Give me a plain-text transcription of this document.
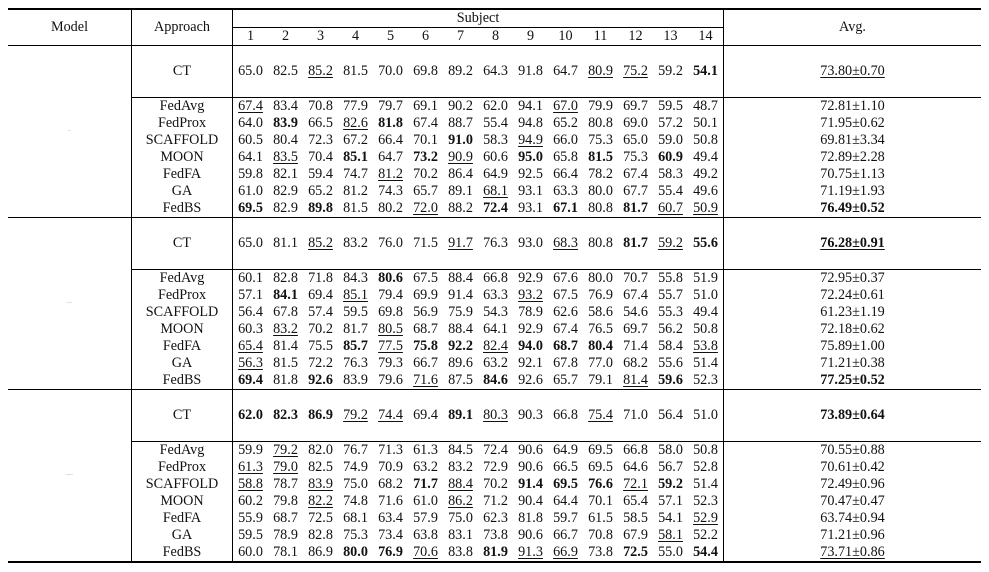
Model	Approach	Subject														Avg.
		1	2	3	4	5	6	7	8	9	10	11	12	13	14	
EEGNet																
	CT	65.0	82.5	85.2	81.5	70.0	69.8	89.2	64.3	91.8	64.7	80.9	75.2	59.2	54.1	73.80±0.70

	FedAvg	67.4	83.4	70.8	77.9	79.7	69.1	90.2	62.0	94.1	67.0	79.9	69.7	59.5	48.7	72.81±1.10
	FedProx	64.0	83.9	66.5	82.6	81.8	67.4	88.7	55.4	94.8	65.2	80.8	69.0	57.2	50.1	71.95±0.62
	SCAFFOLD	60.5	80.4	72.3	67.2	66.4	70.1	91.0	58.3	94.9	66.0	75.3	65.0	59.0	50.8	69.81±3.34
	MOON	64.1	83.5	70.4	85.1	64.7	73.2	90.9	60.6	95.0	65.8	81.5	75.3	60.9	49.4	72.89±2.28
	FedFA	59.8	82.1	59.4	74.7	81.2	70.2	86.4	64.9	92.5	66.4	78.2	67.4	58.3	49.2	70.75±1.13
	GA	61.0	82.9	65.2	81.2	74.3	65.7	89.1	68.1	93.1	63.3	80.0	67.7	55.4	49.6	71.19±1.93
	FedBS	69.5	82.9	89.8	81.5	80.2	72.0	88.2	72.4	93.1	67.1	80.8	81.7	60.7	50.9	76.49±0.52
DeepConvNet																
	CT	65.0	81.1	85.2	83.2	76.0	71.5	91.7	76.3	93.0	68.3	80.8	81.7	59.2	55.6	76.28±0.91

	FedAvg	60.1	82.8	71.8	84.3	80.6	67.5	88.4	66.8	92.9	67.6	80.0	70.7	55.8	51.9	72.95±0.37
	FedProx	57.1	84.1	69.4	85.1	79.4	69.9	91.4	63.3	93.2	67.5	76.9	67.4	55.7	51.0	72.24±0.61
	SCAFFOLD	56.4	67.8	57.4	59.5	69.8	56.9	75.9	54.3	78.9	62.6	58.6	54.6	55.3	49.4	61.23±1.19
	MOON	60.3	83.2	70.2	81.7	80.5	68.7	88.4	64.1	92.9	67.4	76.5	69.7	56.2	50.8	72.18±0.62
	FedFA	65.4	81.4	75.5	85.7	77.5	75.8	92.2	82.4	94.0	68.7	80.4	71.4	58.4	53.8	75.89±1.00
	GA	56.3	81.5	72.2	76.3	79.3	66.7	89.6	63.2	92.1	67.8	77.0	68.2	55.6	51.4	71.21±0.38
	FedBS	69.4	81.8	92.6	83.9	79.6	71.6	87.5	84.6	92.6	65.7	79.1	81.4	59.6	52.3	77.25±0.52
ShallowConvNet																
	CT	62.0	82.3	86.9	79.2	74.4	69.4	89.1	80.3	90.3	66.8	75.4	71.0	56.4	51.0	73.89±0.64

	FedAvg	59.9	79.2	82.0	76.7	71.3	61.3	84.5	72.4	90.6	64.9	69.5	66.8	58.0	50.8	70.55±0.88
	FedProx	61.3	79.0	82.5	74.9	70.9	63.2	83.2	72.9	90.6	66.5	69.5	64.6	56.7	52.8	70.61±0.42
	SCAFFOLD	58.8	78.7	83.9	75.0	68.2	71.7	88.4	70.2	91.4	69.5	76.6	72.1	59.2	51.4	72.49±0.96
	MOON	60.2	79.8	82.2	74.8	71.6	61.0	86.2	71.2	90.4	64.4	70.1	65.4	57.1	52.3	70.47±0.47
	FedFA	55.9	68.7	72.5	68.1	63.4	57.9	75.0	62.3	81.8	59.7	61.5	58.5	54.1	52.9	63.74±0.94
	GA	59.5	78.9	82.8	75.3	73.4	63.8	83.1	73.8	90.6	66.7	70.8	67.9	58.1	52.2	71.21±0.96
	FedBS	60.0	78.1	86.9	80.0	76.9	70.6	83.8	81.9	91.3	66.9	73.8	72.5	55.0	54.4	73.71±0.86
